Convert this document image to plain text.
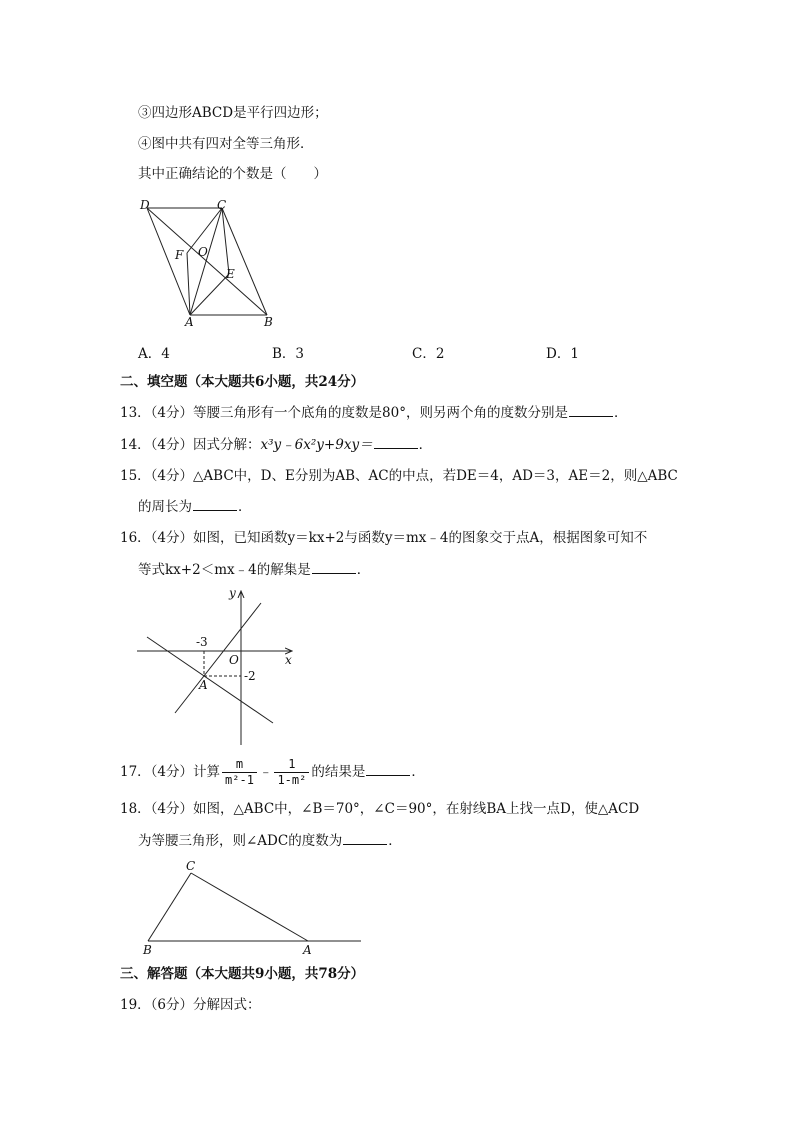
③四边形ABCD是平行四边形；
④图中共有四对全等三角形．
其中正确结论的个数是（　　）
D	C
F O
E
A	B
A．4	B．3	C．2	D．1
二、填空题（本大题共6小题，共24分）
13．（4分）等腰三角形有一个底角的度数是80°，则另两个角的度数分别是	．
14．（4分）因式分解：x³y﹣6x²y+9xy＝	．
15．（4分）△ABC中，D、E分别为AB、AC的中点，若DE＝4，AD＝3，AE＝2，则△ABC
的周长为	．
16．（4分）如图，已知函数y＝kx+2与函数y＝mx﹣4的图象交于点A，根据图象可知不
等式kx+2＜mx﹣4的解集是	．
y
x
O
A
-3
-2
17．（4分）计算 $\frac{m}{\text{m²-1}}$ ﹣ $\frac{1}{\text{1-m²}}$ 的结果是	．
18．（4分）如图，△ABC中，∠B＝70°，∠C＝90°，在射线BA上找一点D，使△ACD
为等腰三角形，则∠ADC的度数为	．
C
B	A
三、解答题（本大题共9小题，共78分）
19．（6分）分解因式：
